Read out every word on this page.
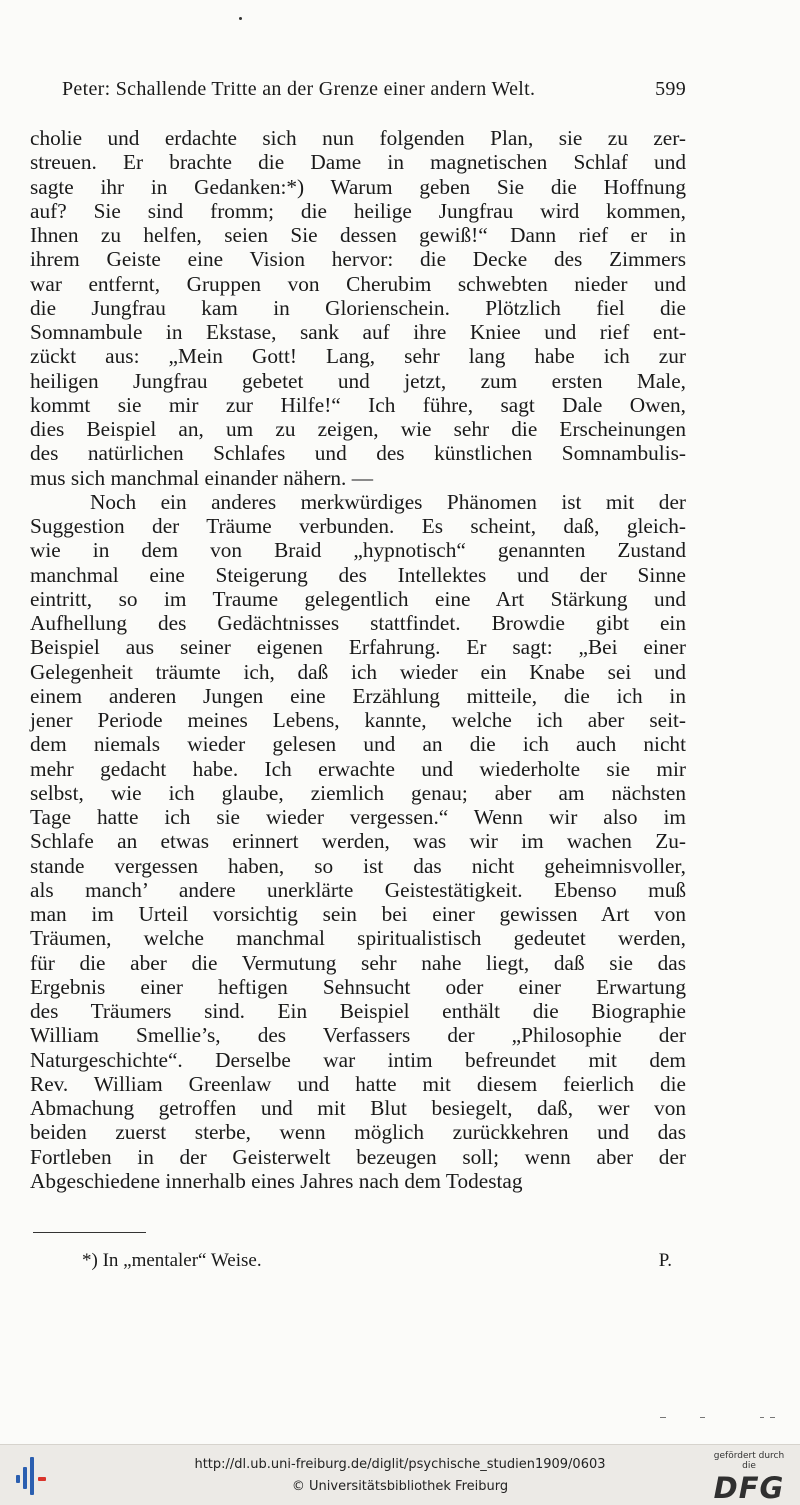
Peter: Schallende Tritte an der Grenze einer andern Welt.	599
cholie und erdachte sich nun folgenden Plan, sie zu zer-
streuen. Er brachte die Dame in magnetischen Schlaf und
sagte ihr in Gedanken:*) Warum geben Sie die Hoffnung
auf? Sie sind fromm; die heilige Jungfrau wird kommen,
Ihnen zu helfen, seien Sie dessen gewiß!“ Dann rief er in
ihrem Geiste eine Vision hervor: die Decke des Zimmers
war entfernt, Gruppen von Cherubim schwebten nieder und
die Jungfrau kam in Glorienschein. Plötzlich fiel die
Somnambule in Ekstase, sank auf ihre Kniee und rief ent-
zückt aus: „Mein Gott! Lang, sehr lang habe ich zur
heiligen Jungfrau gebetet und jetzt, zum ersten Male,
kommt sie mir zur Hilfe!“ Ich führe, sagt Dale Owen,
dies Beispiel an, um zu zeigen, wie sehr die Erscheinungen
des natürlichen Schlafes und des künstlichen Somnambulis-
mus sich manchmal einander nähern. —
Noch ein anderes merkwürdiges Phänomen ist mit der
Suggestion der Träume verbunden. Es scheint, daß, gleich-
wie in dem von Braid „hypnotisch“ genannten Zustand
manchmal eine Steigerung des Intellektes und der Sinne
eintritt, so im Traume gelegentlich eine Art Stärkung und
Aufhellung des Gedächtnisses stattfindet. Browdie gibt ein
Beispiel aus seiner eigenen Erfahrung. Er sagt: „Bei einer
Gelegenheit träumte ich, daß ich wieder ein Knabe sei und
einem anderen Jungen eine Erzählung mitteile, die ich in
jener Periode meines Lebens, kannte, welche ich aber seit-
dem niemals wieder gelesen und an die ich auch nicht
mehr gedacht habe. Ich erwachte und wiederholte sie mir
selbst, wie ich glaube, ziemlich genau; aber am nächsten
Tage hatte ich sie wieder vergessen.“ Wenn wir also im
Schlafe an etwas erinnert werden, was wir im wachen Zu-
stande vergessen haben, so ist das nicht geheimnisvoller,
als manch’ andere unerklärte Geistestätigkeit. Ebenso muß
man im Urteil vorsichtig sein bei einer gewissen Art von
Träumen, welche manchmal spiritualistisch gedeutet werden,
für die aber die Vermutung sehr nahe liegt, daß sie das
Ergebnis einer heftigen Sehnsucht oder einer Erwartung
des Träumers sind. Ein Beispiel enthält die Biographie
William Smellie’s, des Verfassers der „Philosophie der
Naturgeschichte“. Derselbe war intim befreundet mit dem
Rev. William Greenlaw und hatte mit diesem feierlich die
Abmachung getroffen und mit Blut besiegelt, daß, wer von
beiden zuerst sterbe, wenn möglich zurückkehren und das
Fortleben in der Geisterwelt bezeugen soll; wenn aber der
Abgeschiedene innerhalb eines Jahres nach dem Todestag
*) In „mentaler“ Weise.	P.
http://dl.ub.uni-freiburg.de/diglit/psychische_studien1909/0603
© Universitätsbibliothek Freiburg
gefördert durch die
DFG
